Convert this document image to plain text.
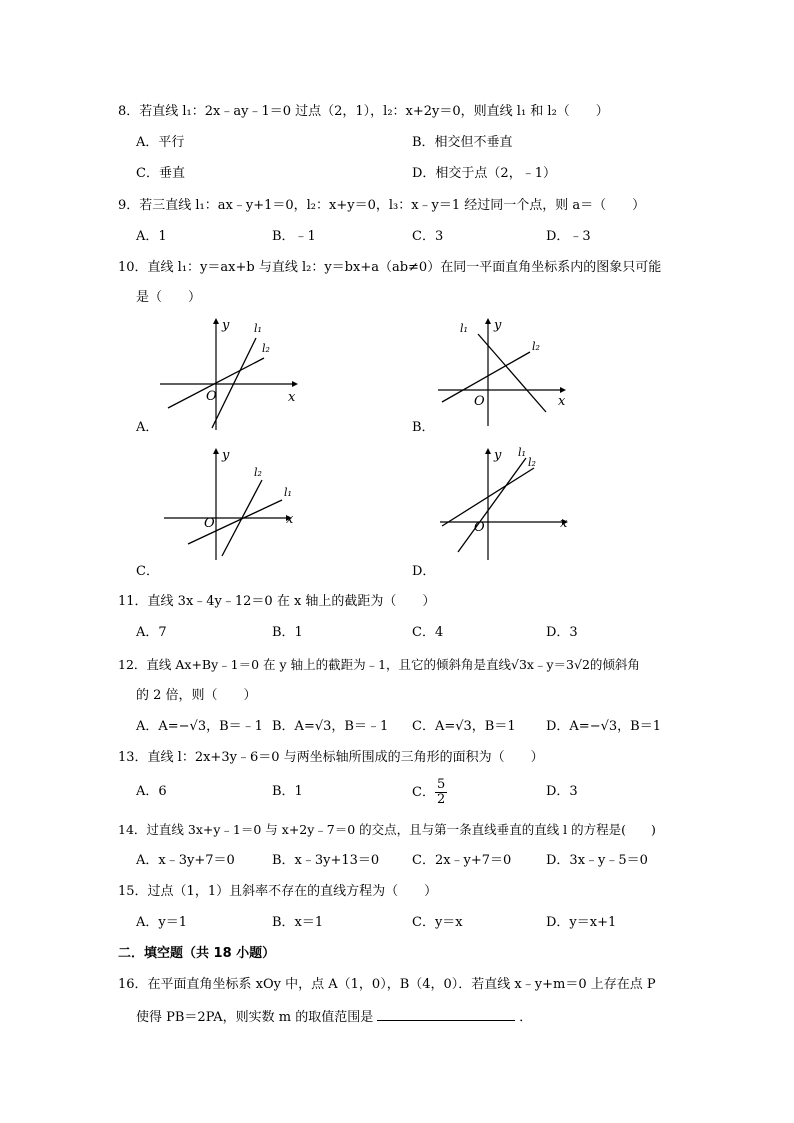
8．若直线 l₁：2x﹣ay﹣1＝0 过点（2，1），l₂：x+2y＝0，则直线 l₁ 和 l₂（　　）
A．平行	B．相交但不垂直
C．垂直	D．相交于点（2，﹣1）
9．若三直线 l₁：ax﹣y+1＝0，l₂：x+y＝0，l₃：x﹣y＝1 经过同一个点，则 a＝（　　）
A．1	B．﹣1	C．3	D．﹣3
10．直线 l₁：y＝ax+b 与直线 l₂：y＝bx+a（ab≠0）在同一平面直角坐标系内的图象只可能
是（　　）
y
x
O
l₁
l₂
A．
y
x
O
l₁
l₂
B．
y
x
O
l₁
l₂
C．
y
x
O
l₁
l₂
D．
11．直线 3x﹣4y﹣12＝0 在 x 轴上的截距为（　　）
A．7	B．1	C．4	D．3
12．直线 Ax+By﹣1＝0 在 y 轴上的截距为﹣1，且它的倾斜角是直线√3x﹣y＝3√2的倾斜角
的 2 倍，则（　　）
A．A=−√3，B＝﹣1 B．A=√3，B＝﹣1 C．A=√3，B＝1 D．A=−√3，B＝1
13．直线 l：2x+3y﹣6＝0 与两坐标轴所围成的三角形的面积为（　　）
A．6	B．1	C． $\frac{5}{2}$	D．3
14．过直线 3x+y﹣1＝0 与 x+2y﹣7＝0 的交点，且与第一条直线垂直的直线 l 的方程是(　　)
A．x﹣3y+7＝0	B．x﹣3y+13＝0	C．2x﹣y+7＝0	D．3x﹣y﹣5＝0
15．过点（1，1）且斜率不存在的直线方程为（　　）
A．y＝1	B．x＝1	C．y＝x	D．y＝x+1
二．填空题（共 18 小题）
16．在平面直角坐标系 xOy 中，点 A（1，0），B（4，0）．若直线 x﹣y+m＝0 上存在点 P
使得 PB＝2PA，则实数 m 的取值范围是	．
